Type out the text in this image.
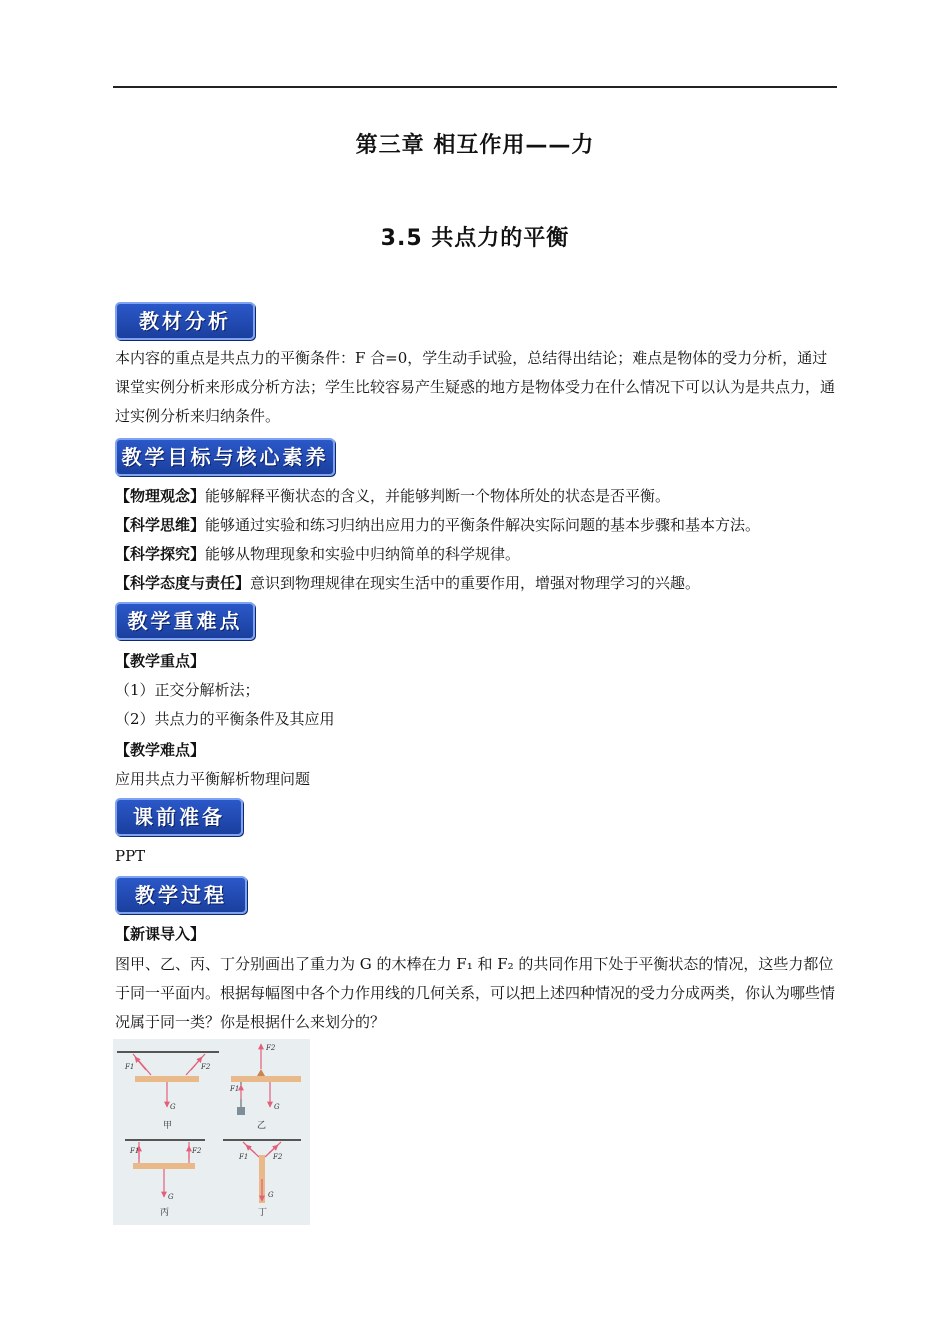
第三章 相互作用——力
3.5 共点力的平衡
教材分析
本内容的重点是共点力的平衡条件：F 合=0，学生动手试验，总结得出结论；难点是物体的受力分析，通过课堂实例分析来形成分析方法；学生比较容易产生疑惑的地方是物体受力在什么情况下可以认为是共点力，通过实例分析来归纳条件。
教学目标与核心素养
【物理观念】能够解释平衡状态的含义，并能够判断一个物体所处的状态是否平衡。
【科学思维】能够通过实验和练习归纳出应用力的平衡条件解决实际问题的基本步骤和基本方法。
【科学探究】能够从物理现象和实验中归纳简单的科学规律。
【科学态度与责任】意识到物理规律在现实生活中的重要作用，增强对物理学习的兴趣。
教学重难点
【教学重点】
（1）正交分解析法；
（2）共点力的平衡条件及其应用
【教学难点】
应用共点力平衡解析物理问题
课前准备
PPT
教学过程
【新课导入】
图甲、乙、丙、丁分别画出了重力为 G 的木棒在力 F₁ 和 F₂ 的共同作用下处于平衡状态的情况，这些力都位于同一平面内。根据每幅图中各个力作用线的几何关系，可以把上述四种情况的受力分成两类，你认为哪些情况属于同一类？你是根据什么来划分的？
F1	F2
G
甲
F2
F1
G
乙
F1	F2
G
丙
F1	F2
G
丁
